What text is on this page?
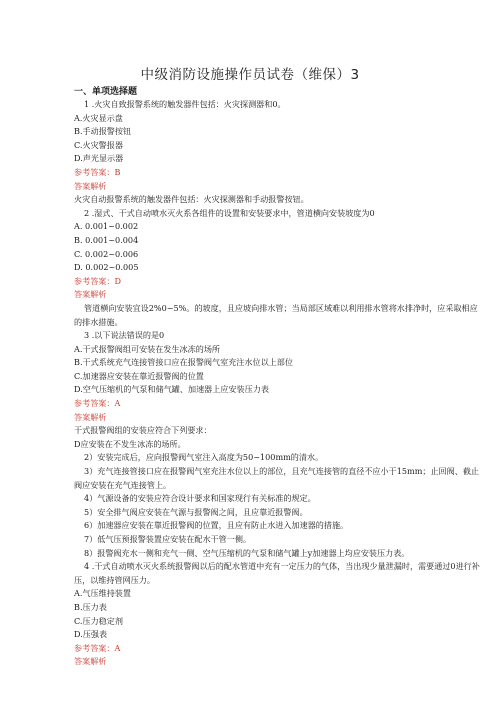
中级消防设施操作员试卷（维保）3
一、单项选择题
1 .火灾自致报警系统的触发器件包括：火灾探测器和0。
A.火灾显示盘
B.手动报警按钮
C.火灾警报器
D.声光显示器
参考答案：B
答案解析
火灾自动报警系统的触发器件包括：火灾探测器和手动报警按钮。
2 .湿式、干式自动喷水灭火系各组件的设置和安装要求中，管道横向安装坡度为0
A. 0.001~0.002
B. 0.001~0.004
C. 0.002~0.006
D. 0.002~0.005
参考答案：D
答案解析
管道横向安装宜设2%0~5%。的坡度，且应坡向排水管；当局部区域难以利用排水管将水排净时，应采取相应的排水措施。
3 .以下说法错误的是0
A.干式报警阀组可安装在发生冰冻的场所
B.干式系统充气连接管接口应在报警阀气室充注水位以上部位
C.加速器应安装在靠近报警阀的位置
D.空气压缩机的气泵和储气罐、加速器上应安装压力表
参考答案：A
答案解析
干式报警阀组的安装应符合下列要求：
D应安装在不发生冰冻的场所。
2）安装完成后，应向报警阀气室注入高度为50~100mm的清水。
3）充气连接管接口应在报警阀气室充注水位以上的部位，且充气连接管的直径不应小于15mm；止回阀、截止阀应安装在充气连接管上。
4）气源设备的安装应符合设计要求和国家现行有关标准的规定。
5）安全排气阀应安装在气源与报警阀之间，且应靠近报警阀。
6）加速器应安装在靠近报警阀的位置，且应有防止水进入加速器的措施。
7）低气压预报警装置应安装在配水干管一侧。
8）报警阀充水一侧和充气一侧、空气压缩机的气泵和储气罐上y加速器上均应安装压力表。
4 .干式自动喷水灭火系统报警阀以后的配水管道中充有一定压力的气体，当出现少量泄漏时，需要通过0进行补压，以维持管网压力。
A.气压维持装置
B.压力表
C.压力稳定剂
D.压强表
参考答案：A
答案解析
